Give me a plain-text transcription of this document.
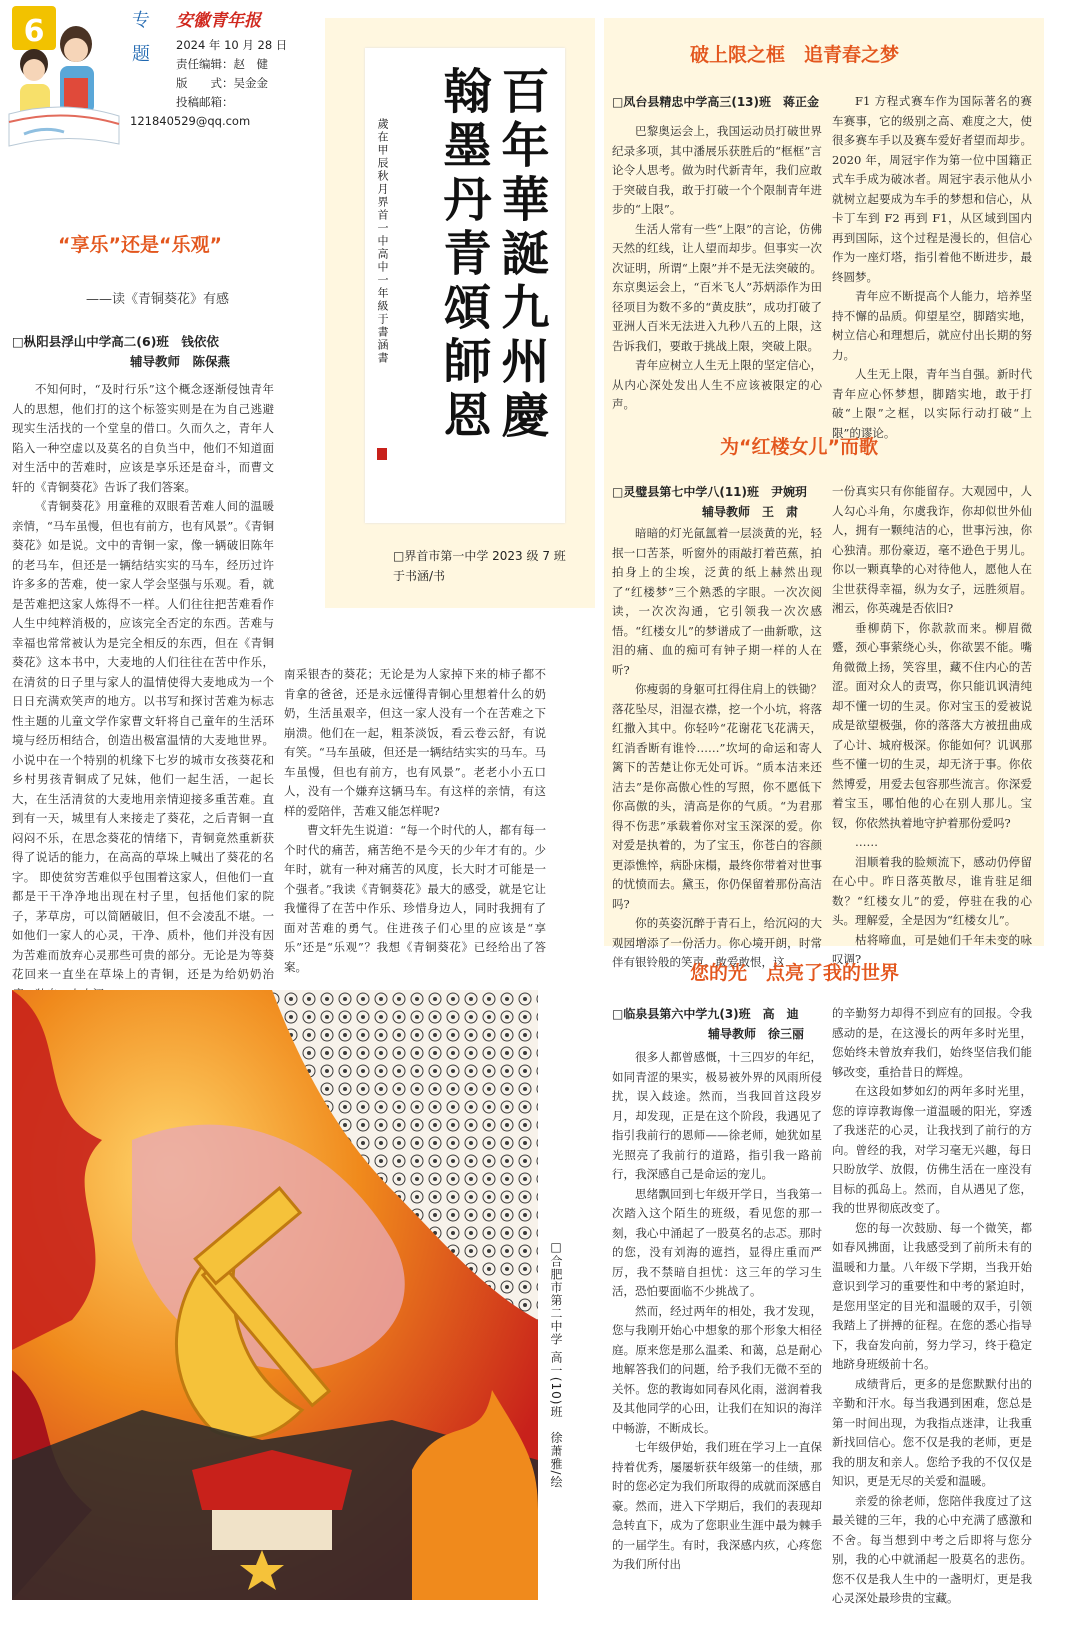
6	专
题
安徽青年报
2024 年 10 月 28 日
责任编辑：赵　健
版　　式：吴金金
投稿邮箱：
121840529@qq.com	百年華誕九州慶
翰墨丹青頌師恩
歲在甲辰秋月界首一中高中一年級于書涵書
□界首市第一中学 2023 级 7 班　于书涵/书
“享乐”还是“乐观”
——读《青铜葵花》有感
□枞阳县浮山中学高二(6)班　钱依依
辅导教师　陈保燕

不知何时，“及时行乐”这个概念逐渐侵蚀青年人的思想，他们打的这个标签实则是在为自己逃避现实生活找的一个堂皇的借口。久而久之，青年人陷入一种空虚以及莫名的自负当中，他们不知道面对生活中的苦难时，应该是享乐还是奋斗，而曹文轩的《青铜葵花》告诉了我们答案。

《青铜葵花》用童稚的双眼看苦难人间的温暖亲情，“马车虽慢，但也有前方，也有风景”。《青铜葵花》如是说。文中的青铜一家，像一辆破旧陈年的老马车，但还是一辆结结实实的马车，经历过许许多多的苦难，使一家人学会坚强与乐观。看，就是苦难把这家人炼得不一样。人们往往把苦难看作人生中纯粹消极的，应该完全否定的东西。苦难与幸福也常常被认为是完全相反的东西，但在《青铜葵花》这本书中，大麦地的人们往往在苦中作乐，在清贫的日子里与家人的温情使得大麦地成为一个日日充满欢笑声的地方。以书写和探讨苦难为标志性主题的儿童文学作家曹文轩将自己童年的生活环境与经历相结合，创造出极富温情的大麦地世界。小说中在一个特别的机缘下七岁的城市女孩葵花和乡村男孩青铜成了兄妹，他们一起生活，一起长大，在生活清贫的大麦地用亲情迎接多重苦难。直到有一天，城里有人来接走了葵花，之后青铜一直闷闷不乐，在思念葵花的情绪下，青铜竟然重新获得了说话的能力，在高高的草垛上喊出了葵花的名字。 即使贫穷苦难似乎包围着这家人，但他们一直都是干干净净地出现在村子里，包括他们家的院子，茅草房，可以简陋破旧，但不会凌乱不堪。一如他们一家人的心灵，干净、质朴，他们并没有因为苦难而放弃心灵那些可贵的部分。无论是为等葵花回来一直坐在草垛上的青铜，还是为给奶奶治

南采银杏的葵花；无论是为人家掉下来的柿子都不肯拿的爸爸，还是永远懂得青铜心里想着什么的奶奶，生活虽艰辛，但这一家人没有一个在苦难之下崩溃。他们在一起，粗茶淡饭，看云卷云舒，有说有笑。“马车虽破，但还是一辆结结实实的马车。马车虽慢，但也有前方，也有风景”。老老小小五口人，没有一个嫌弃这辆马车。有这样的亲情，有这样的爱陪伴，苦难又能怎样呢?

曹文轩先生说道：“每一个时代的人，都有每一个时代的痛苦，痛苦绝不是今天的少年才有的。少年时，就有一种对痛苦的风度，长大时才可能是一个强者。”我读《青铜葵花》最大的感受，就是它让我懂得了在苦中作乐、珍惜身边人，同时我拥有了面对苦难的勇气。住进孩子们心里的应该是“享乐”还是“乐观”？我想《青铜葵花》已经给出了答案。

破上限之框　追青春之梦
□凤台县精忠中学高三(13)班　蒋正金

巴黎奥运会上，我国运动员打破世界纪录多项，其中潘展乐获胜后的“框框”言论令人思考。做为时代新青年，我们应敢于突破自我，敢于打破一个个限制青年进步的“上限”。

生活人常有一些“上限”的言论，仿佛天然的红线，让人望而却步。但事实一次次证明，所谓“上限”并不是无法突破的。东京奥运会上，“百米飞人”苏炳添作为田径项目为数不多的“黄皮肤”，成功打破了亚洲人百米无法进入九秒八五的上限，这告诉我们，要敢于挑战上限，突破上限。

青年应树立人生无上限的坚定信心，从内心深处发出人生不应该被限定的心声。

F1 方程式赛车作为国际著名的赛车赛事，它的级别之高、难度之大，使很多赛车手以及赛车爱好者望而却步。2020 年，周冠宇作为第一位中国籍正式车手成为破冰者。周冠宇表示他从小就树立起要成为车手的梦想和信心，从卡丁车到 F2 再到 F1，从区域到国内再到国际，这个过程是漫长的，但信心作为一座灯塔，指引着他不断进步，最终圆梦。

青年应不断提高个人能力，培养坚持不懈的品质。仰望星空，脚踏实地，树立信心和理想后，就应付出长期的努力。

人生无上限，青年当自强。新时代青年应心怀梦想，脚踏实地，敢于打破“上限”之框，以实际行动打破“上限”的谬论。

为“红楼女儿”而歌
□灵璧县第七中学八(11)班　尹婉玥
辅导教师　王　肃

暗暗的灯光氤氲着一层淡黄的光，轻抿一口苦茶，听窗外的雨敲打着芭蕉，拍拍身上的尘埃，泛黄的纸上赫然出现了“红楼梦”三个熟悉的字眼。一次次阅读，一次次沟通，它引领我一次次感悟。“红楼女儿”的梦谱成了一曲新歌，这泪的痛、血的痴可有钟子期一样的人在听?

你瘦弱的身躯可扛得住肩上的铁锄？落花坠尽，泪湿衣襟，挖一个小坑，将落红撒入其中。你轻吟“花谢花飞花满天，红消香断有谁怜……”坎坷的命运和寄人篱下的苦楚让你无处可诉。“质本洁来还洁去”是你高傲心性的写照，你不愿低下你高傲的头，清高是你的气质。“为君那得不伤悲”承载着你对宝玉深深的爱。你对爱是执着的，为了宝玉，你苍白的容颜更添憔悴，病卧床榻，最终你带着对世事的忧愤而去。黛玉，你仍保留着那份高洁吗?

你的英姿沉醉于青石上，给沉闷的大观园增添了一份活力。你心境开朗，时常伴有银铃般的笑声。敢爱敢恨，这

一份真实只有你能留存。大观园中，人人勾心斗角，尔虞我诈，你却似世外仙人，拥有一颗纯洁的心，世事污浊，你心独清。那份豪迈，毫不逊色于男儿。你以一颗真挚的心对待他人，愿他人在尘世获得幸福，纵为女子，远胜须眉。湘云，你英魂是否依旧?

垂柳荫下，你款款而来。柳眉微蹙，颈心事萦绕心头，你欲罢不能。嘴角微微上扬，笑容里，藏不住内心的苦涩。面对众人的责骂，你只能讥讽清纯却不懂一切的生灵。你对宝玉的爱被说成是欲望极强，你的落落大方被扭曲成了心计、城府极深。你能如何？讥讽那些不懂一切的生灵，却无济于事。你依然博爱，用爱去包容那些流言。你深爱着宝玉，哪怕他的心在别人那儿。宝钗，你依然执着地守护着那份爱吗?

……

泪顺着我的脸颊流下，感动仍停留在心中。昨日落英散尽，谁肯驻足细数？“红楼女儿”的爱，停驻在我的心头。理解爱，全是因为“红楼女儿”。

枯将啼血，可是她们千年未变的咏叹调?

您的光　点亮了我的世界
□临泉县第六中学九(3)班　高　迪
辅导教师　徐三丽

很多人都曾感慨，十三四岁的年纪，如同青涩的果实，极易被外界的风雨所侵扰，误入歧途。然而，当我回首这段岁月，却发现，正是在这个阶段，我遇见了指引我前行的恩师——徐老师，她犹如星光照亮了我前行的道路，指引我一路前行，我深感自己是命运的宠儿。

思绪飘回到七年级开学日，当我第一次踏入这个陌生的班级，看见您的那一刻，我心中涌起了一股莫名的忐忑。那时的您，没有刘海的遮挡，显得庄重而严厉，我不禁暗自担忧：这三年的学习生活，恐怕要面临不少挑战了。

然而，经过两年的相处，我才发现，您与我刚开始心中想象的那个形象大相径庭。原来您是那么温柔、和蔼，总是耐心地解答我们的问题，给予我们无微不至的关怀。您的教诲如同春风化雨，滋润着我及其他同学的心田，让我们在知识的海洋中畅游，不断成长。

七年级伊始，我们班在学习上一直保持着优秀，屡屡斩获年级第一的佳绩，那时的您必定为我们所取得的成就而深感自豪。然而，进入下学期后，我们的表现却急转直下，成为了您职业生涯中最为棘手的一届学生。有时，我深感内疚，心疼您为我们所付出

的辛勤努力却得不到应有的回报。令我感动的是，在这漫长的两年多时光里，您始终未曾放弃我们，始终坚信我们能够改变，重拾昔日的辉煌。

在这段如梦如幻的两年多时光里，您的谆谆教诲像一道温暖的阳光，穿透了我迷茫的心灵，让我找到了前行的方向。曾经的我，对学习毫无兴趣，每日只盼放学、放假，仿佛生活在一座没有目标的孤岛上。然而，自从遇见了您，我的世界彻底改变了。

您的每一次鼓励、每一个微笑，都如春风拂面，让我感受到了前所未有的温暖和力量。八年级下学期，当我开始意识到学习的重要性和中考的紧迫时，是您用坚定的目光和温暖的双手，引领我踏上了拼搏的征程。在您的悉心指导下，我奋发向前，努力学习，终于稳定地跻身班级前十名。

成绩背后，更多的是您默默付出的辛勤和汗水。每当我遇到困难，您总是第一时间出现，为我指点迷津，让我重新找回信心。您不仅是我的老师，更是我的朋友和亲人。您给予我的不仅仅是知识，更是无尽的关爱和温暖。

亲爱的徐老师，您陪伴我度过了这最关键的三年，我的心中充满了感激和不舍。每当想到中考之后即将与您分别，我的心中就涌起一股莫名的悲伤。您不仅是我人生中的一盏明灯，更是我心灵深处最珍贵的宝藏。

□合肥市第二中学 高一(10)班　徐萧雅/绘
